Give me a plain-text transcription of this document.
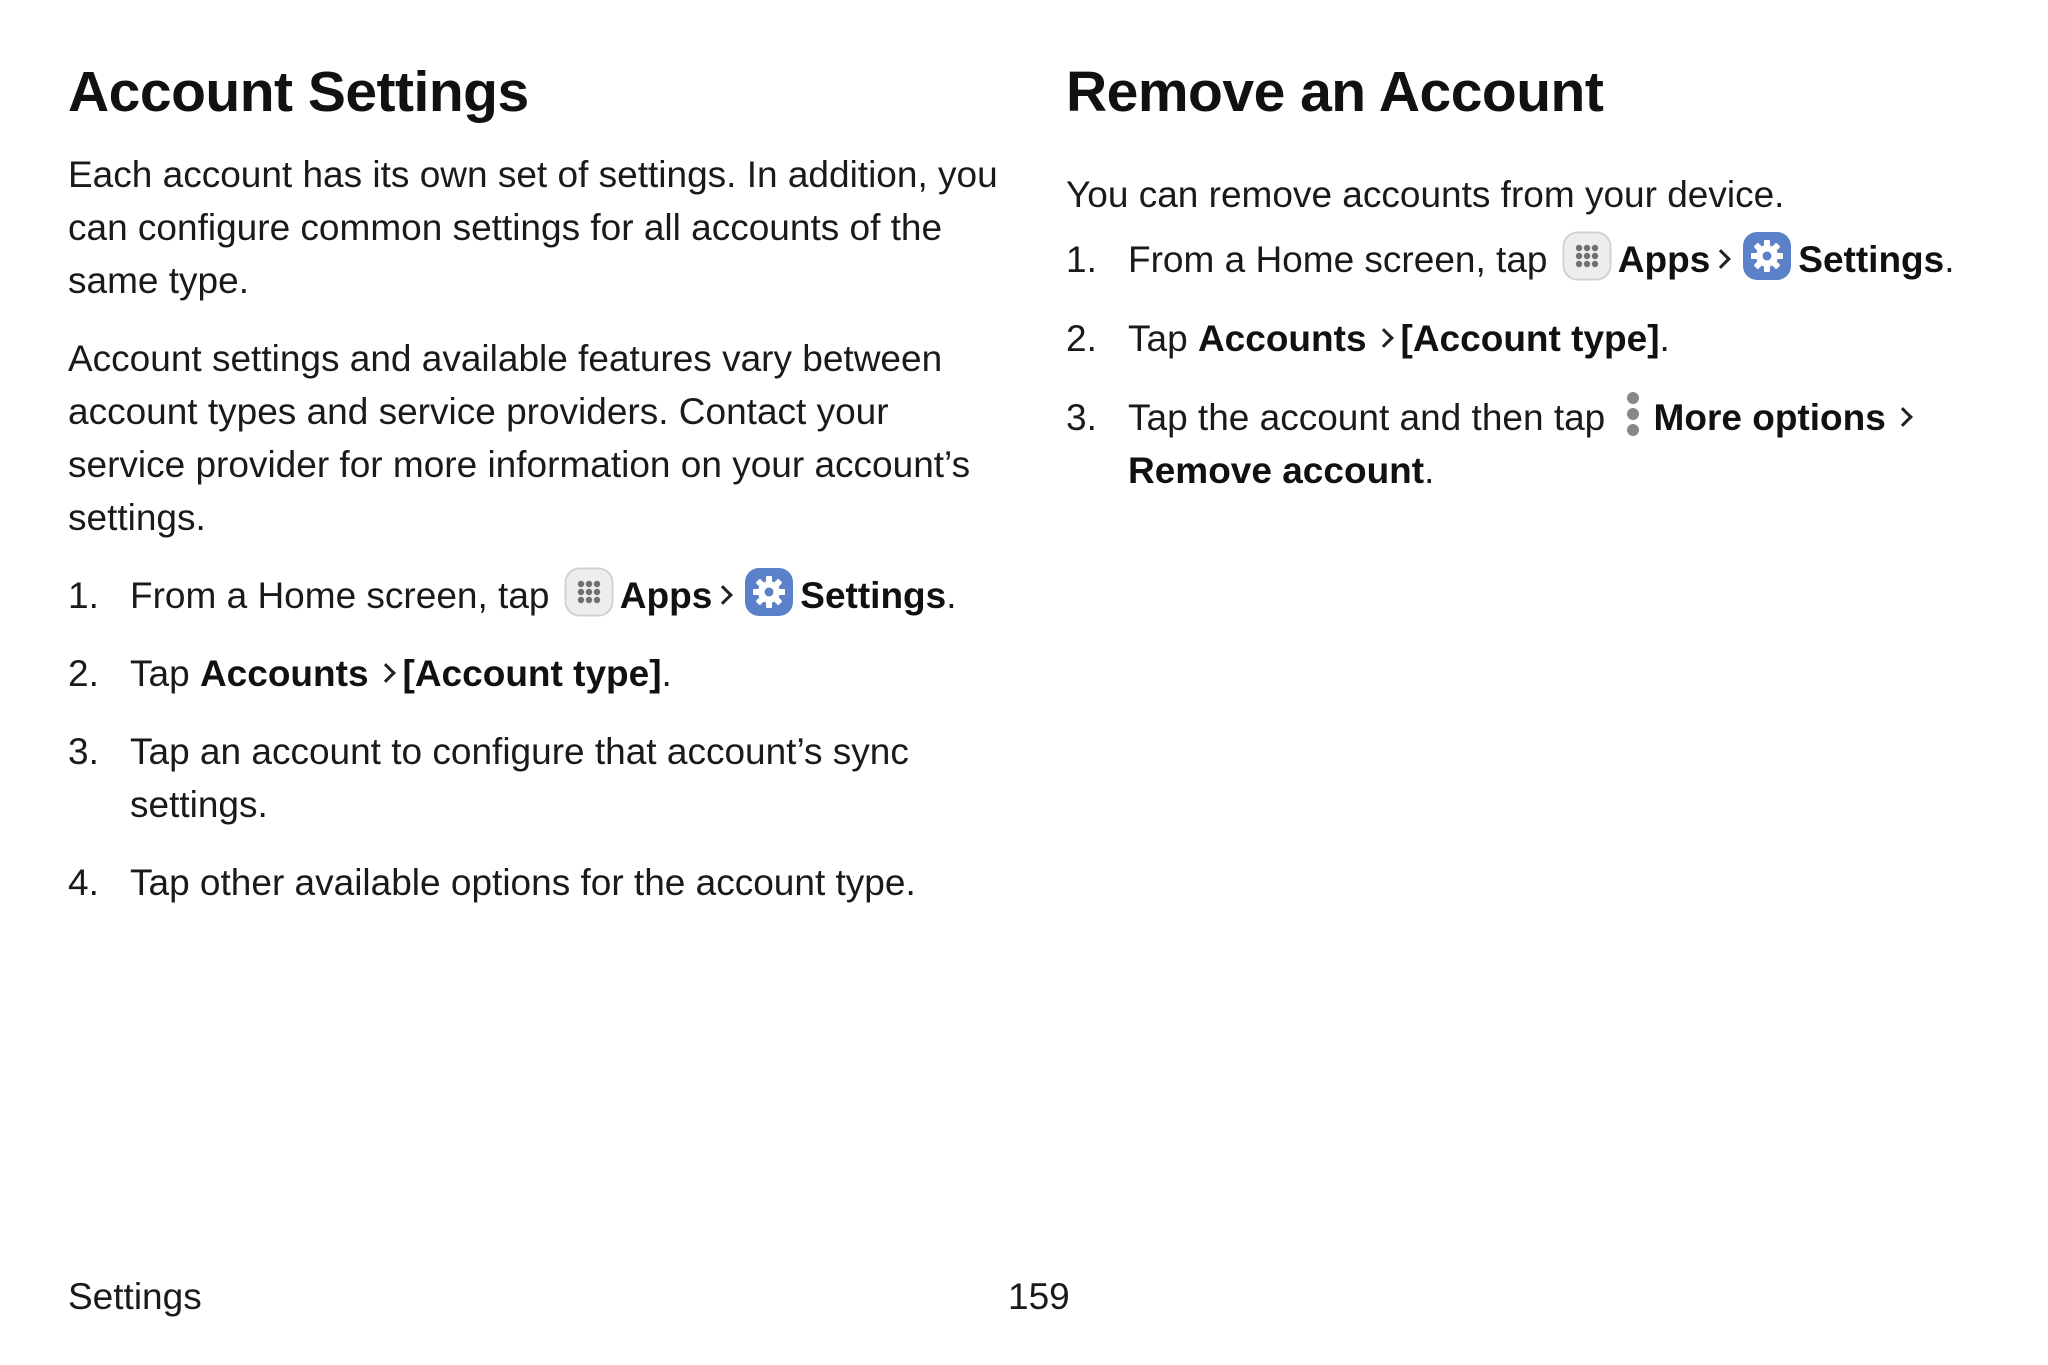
Account Settings

Each account has its own set of settings. In addition, you can configure common settings for all accounts of the same type.

Account settings and available features vary between account types and service providers. Contact your service provider for more information on your account’s settings.

1. From a Home screen, tap Apps Settings.
2. Tap Accounts [Account type].
3. Tap an account to configure that account’s sync settings.
4. Tap other available options for the account type.
Remove an Account

You can remove accounts from your device.

1. From a Home screen, tap Apps Settings.
2. Tap Accounts [Account type].
3. Tap the account and then tap More options
Remove account.
Settings	159
